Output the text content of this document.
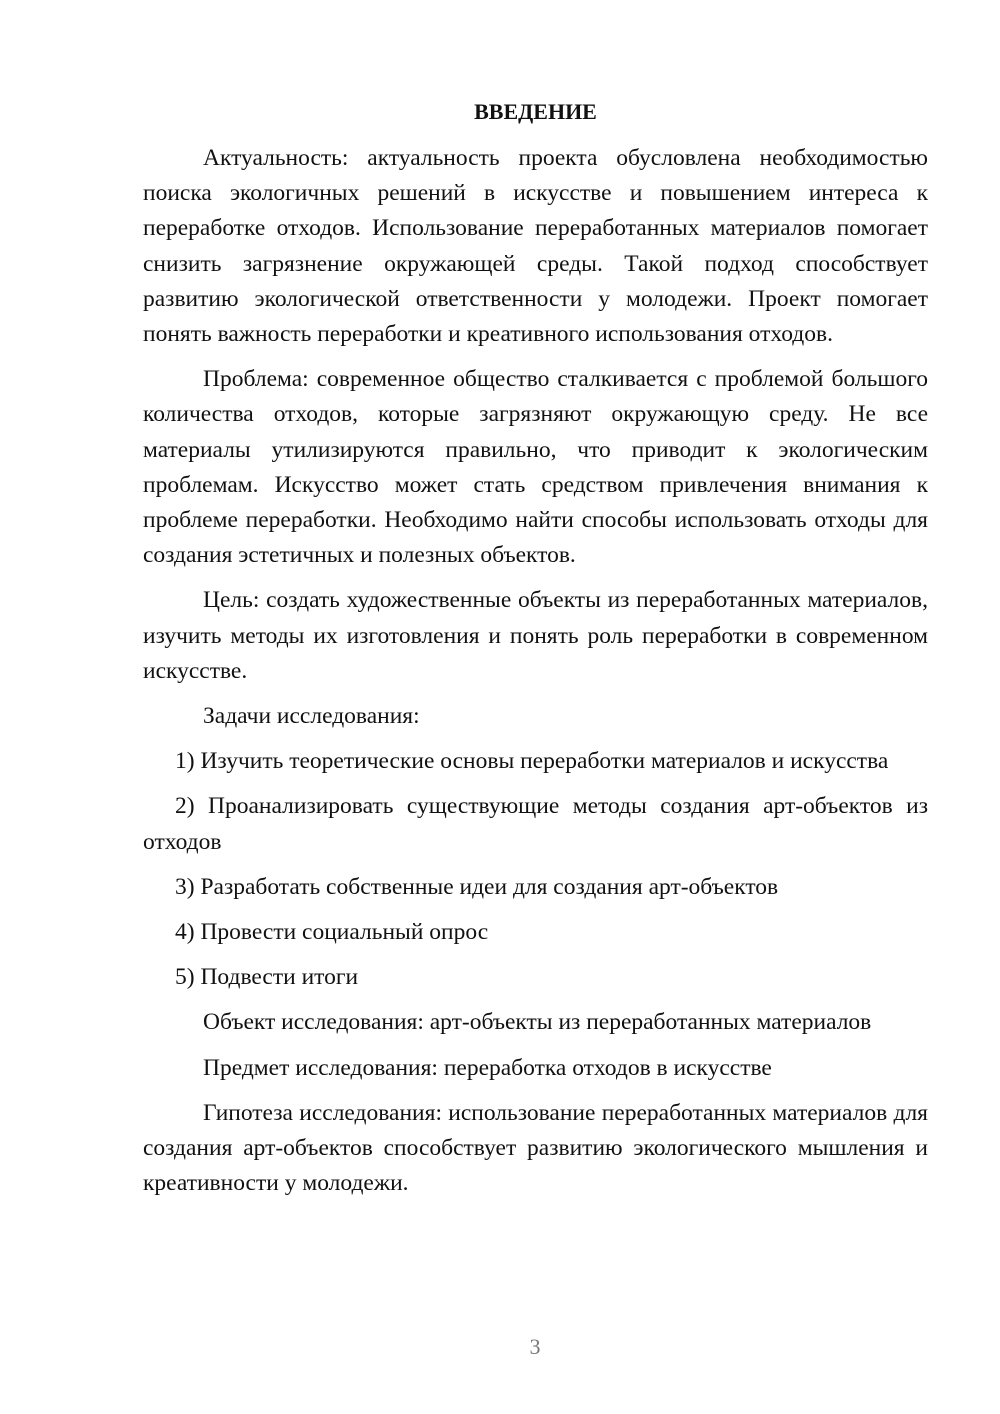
ВВЕДЕНИЕ

Актуальность: актуальность проекта обусловлена необходимостью поиска экологичных решений в искусстве и повышением интереса к переработке отходов. Использование переработанных материалов помогает снизить загрязнение окружающей среды. Такой подход способствует развитию экологической ответственности у молодежи. Проект помогает понять важность переработки и креативного использования отходов.

Проблема: современное общество сталкивается с проблемой большого количества отходов, которые загрязняют окружающую среду. Не все материалы утилизируются правильно, что приводит к экологическим проблемам. Искусство может стать средством привлечения внимания к проблеме переработки. Необходимо найти способы использовать отходы для создания эстетичных и полезных объектов.

Цель: создать художественные объекты из переработанных материалов, изучить методы их изготовления и понять роль переработки в современном искусстве.

Задачи исследования:

1) Изучить теоретические основы переработки материалов и искусства

2) Проанализировать существующие методы создания арт-объектов из отходов

3) Разработать собственные идеи для создания арт-объектов

4) Провести социальный опрос

5) Подвести итоги

Объект исследования: арт-объекты из переработанных материалов

Предмет исследования: переработка отходов в искусстве

Гипотеза исследования: использование переработанных материалов для создания арт-объектов способствует развитию экологического мышления и креативности у молодежи.

3
